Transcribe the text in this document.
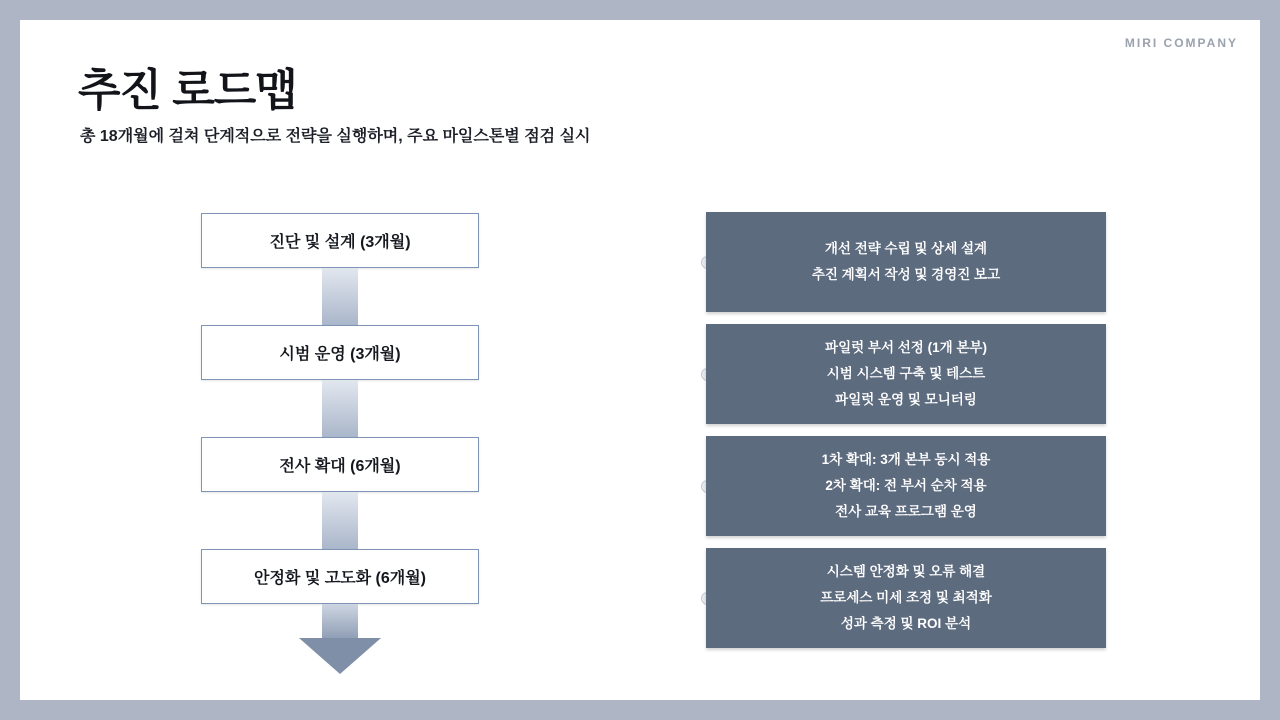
MIRI COMPANY
추진 로드맵
총 18개월에 걸쳐 단계적으로 전략을 실행하며, 주요 마일스톤별 점검 실시
진단 및 설계 (3개월)
시범 운영 (3개월)
전사 확대 (6개월)
안정화 및 고도화 (6개월)
개선 전략 수립 및 상세 설계
추진 계획서 작성 및 경영진 보고
파일럿 부서 선정 (1개 본부)
시범 시스템 구축 및 테스트
파일럿 운영 및 모니터링
1차 확대: 3개 본부 동시 적용
2차 확대: 전 부서 순차 적용
전사 교육 프로그램 운영
시스템 안정화 및 오류 해결
프로세스 미세 조정 및 최적화
성과 측정 및 ROI 분석
